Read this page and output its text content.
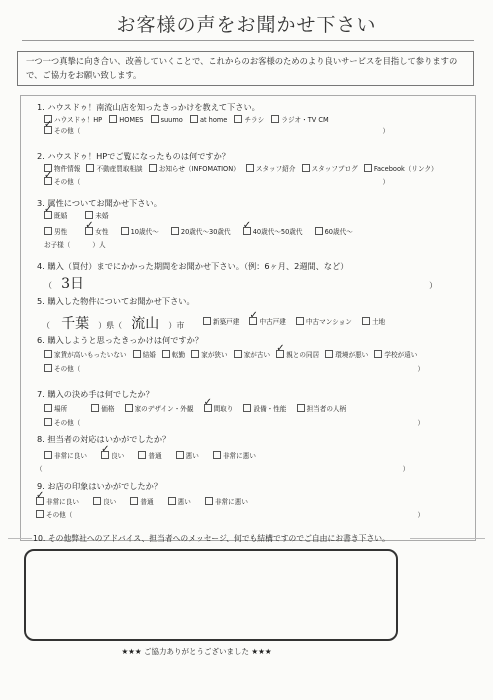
お客様の声をお聞かせ下さい
一つ一つ真摯に向き合い、改善していくことで、これからのお客様のためのより良いサービスを目指して参りますので、ご協力をお願い致します。
1. ハウスドゥ！南流山店を知ったきっかけを教えて下さい。
ハウスドゥ！HP	HOMES	suumo	at home	チラシ	ラジオ・TV CM
✓その他（	）
2. ハウスドゥ！HPでご覧になったものは何ですか？
物件情報 不動産買取相談 お知らせ（INFOMATION） スタッフ紹介 スタッフブログ Facebook（リンク）
✓その他（	）
3. 属性についてお聞かせ下さい。
✓既婚	未婚
男性 ✓	女性	10歳代〜	20歳代〜30歳代 ✓	40歳代〜50歳代	60歳代〜
お子様（	）人
4. 購入（買付）までにかかった期間をお聞かせ下さい。（例：6ヶ月、2週間、など）
（ 3日	）
5. 購入した物件についてお聞かせ下さい。
（ 千葉 ）県（ 流山 ）市	新築戸建 ✓	中古戸建	中古マンション	土地
6. 購入しようと思ったきっかけは何ですか？
家賃が高いもったいない 結婚 転勤 家が狭い 家が古い ✓ 親との同居 環境が悪い 学校が遠い
その他（	）
7. 購入の決め手は何でしたか？
場所	価格	家のデザイン・外観 ✓	間取り	設備・性能	担当者の人柄
その他（	）
8. 担当者の対応はいかがでしたか？
非常に良い ✓	良い	普通	悪い	非常に悪い
（	）
9. お店の印象はいかがでしたか？
✓非常に良い	良い	普通	悪い	非常に悪い
その他（	）
10. その他弊社へのアドバイス、担当者へのメッセージ、何でも結構ですのでご自由にお書き下さい。
★★★ ご協力ありがとうございました ★★★
